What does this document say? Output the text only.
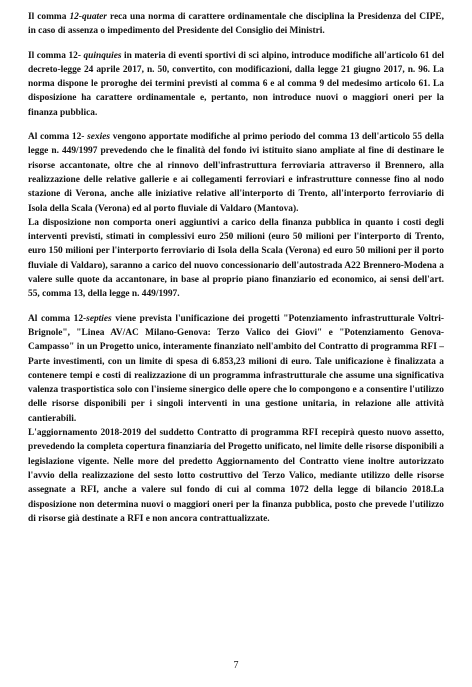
Il comma 12-quater reca una norma di carattere ordinamentale che disciplina la Presidenza del CIPE, in caso di assenza o impedimento del Presidente del Consiglio dei Ministri.

Il comma 12- quinquies in materia di eventi sportivi di sci alpino, introduce modifiche all'articolo 61 del decreto-legge 24 aprile 2017, n. 50, convertito, con modificazioni, dalla legge 21 giugno 2017, n. 96. La norma dispone le proroghe dei termini previsti al comma 6 e al comma 9 del medesimo articolo 61. La disposizione ha carattere ordinamentale e, pertanto, non introduce nuovi o maggiori oneri per la finanza pubblica.

Al comma 12- sexies vengono apportate modifiche al primo periodo del comma 13 dell'articolo 55 della legge n. 449/1997 prevedendo che le finalità del fondo ivi istituito siano ampliate al fine di destinare le risorse accantonate, oltre che al rinnovo dell'infrastruttura ferroviaria attraverso il Brennero, alla realizzazione delle relative gallerie e ai collegamenti ferroviari e infrastrutture connesse fino al nodo stazione di Verona, anche alle iniziative relative all'interporto di Trento, all'interporto ferroviario di Isola della Scala (Verona) ed al porto fluviale di Valdaro (Mantova).

La disposizione non comporta oneri aggiuntivi a carico della finanza pubblica in quanto i costi degli interventi previsti, stimati in complessivi euro 250 milioni (euro 50 milioni per l'interporto di Trento, euro 150 milioni per l'interporto ferroviario di Isola della Scala (Verona) ed euro 50 milioni per il porto fluviale di Valdaro), saranno a carico del nuovo concessionario dell'autostrada A22 Brennero-Modena a valere sulle quote da accantonare, in base al proprio piano finanziario ed economico, ai sensi dell'art. 55, comma 13, della legge n. 449/1997.

Al comma 12-septies viene prevista l'unificazione dei progetti "Potenziamento infrastrutturale Voltri-Brignole", "Linea AV/AC Milano-Genova: Terzo Valico dei Giovi" e "Potenziamento Genova-Campasso" in un Progetto unico, interamente finanziato nell'ambito del Contratto di programma RFI – Parte investimenti, con un limite di spesa di 6.853,23 milioni di euro. Tale unificazione è finalizzata a contenere tempi e costi di realizzazione di un programma infrastrutturale che assume una significativa valenza trasportistica solo con l'insieme sinergico delle opere che lo compongono e a consentire l'utilizzo delle risorse disponibili per i singoli interventi in una gestione unitaria, in relazione alle attività cantierabili.

L'aggiornamento 2018-2019 del suddetto Contratto di programma RFI recepirà questo nuovo assetto, prevedendo la completa copertura finanziaria del Progetto unificato, nel limite delle risorse disponibili a legislazione vigente. Nelle more del predetto Aggiornamento del Contratto viene inoltre autorizzato l'avvio della realizzazione del sesto lotto costruttivo del Terzo Valico, mediante utilizzo delle risorse assegnate a RFI, anche a valere sul fondo di cui al comma 1072 della legge di bilancio 2018.La disposizione non determina nuovi o maggiori oneri per la finanza pubblica, posto che prevede l'utilizzo di risorse già destinate a RFI e non ancora contrattualizzate.

7
